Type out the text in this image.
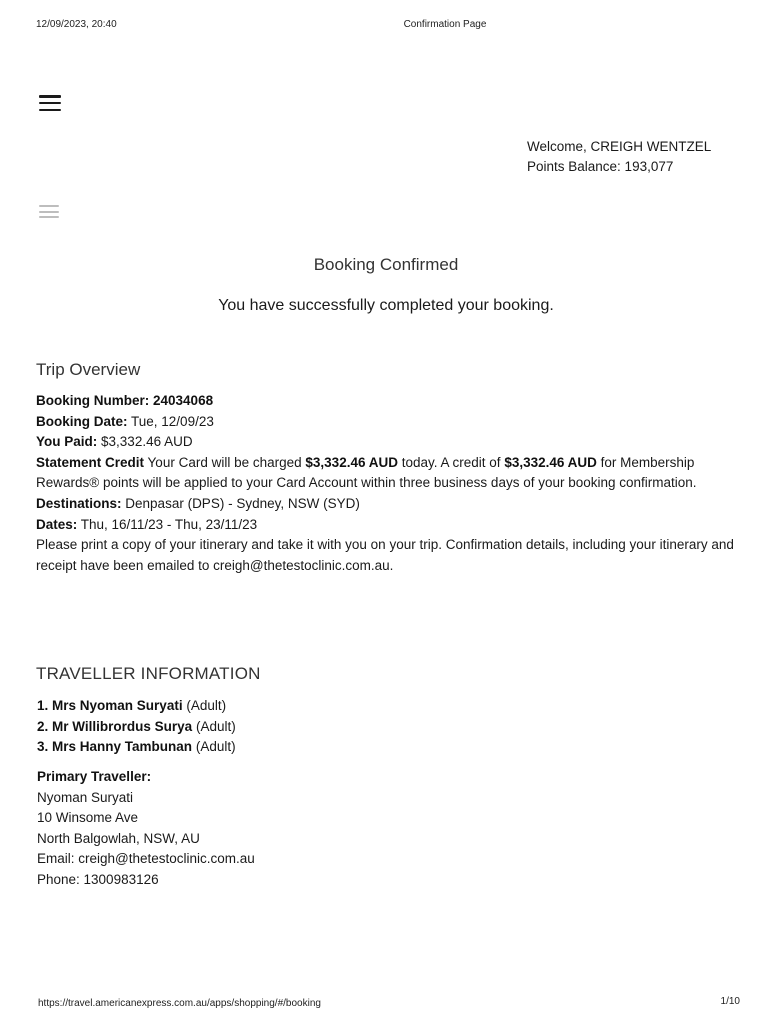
12/09/2023, 20:40	Confirmation Page
Welcome, CREIGH WENTZEL
Points Balance: 193,077
Booking Confirmed
You have successfully completed your booking.
Trip Overview

Booking Number: 24034068

Booking Date: Tue, 12/09/23

You Paid: $3,332.46 AUD

Statement Credit Your Card will be charged $3,332.46 AUD today. A credit of $3,332.46 AUD for Membership Rewards® points will be applied to your Card Account within three business days of your booking confirmation.

Destinations: Denpasar (DPS) - Sydney, NSW (SYD)

Dates: Thu, 16/11/23 - Thu, 23/11/23

Please print a copy of your itinerary and take it with you on your trip. Confirmation details, including your itinerary and receipt have been emailed to creigh@thetestoclinic.com.au.

TRAVELLER INFORMATION

1. Mrs Nyoman Suryati (Adult)

2. Mr Willibrordus Surya (Adult)

3. Mrs Hanny Tambunan (Adult)

Primary Traveller:

Nyoman Suryati

10 Winsome Ave

North Balgowlah, NSW, AU

Email: creigh@thetestoclinic.com.au

Phone: 1300983126

https://travel.americanexpress.com.au/apps/shopping/#/booking	1/10
